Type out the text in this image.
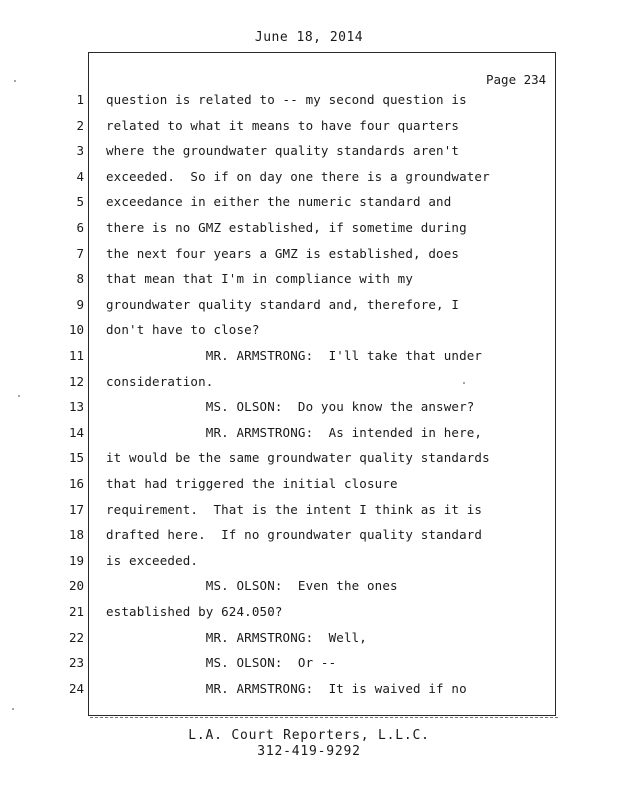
June 18, 2014
Page 234
1 question is related to -- my second question is
2 related to what it means to have four quarters
3 where the groundwater quality standards aren't
4 exceeded.  So if on day one there is a groundwater
5 exceedance in either the numeric standard and
6 there is no GMZ established, if sometime during
7 the next four years a GMZ is established, does
8 that mean that I'm in compliance with my
9 groundwater quality standard and, therefore, I
10 don't have to close?
11 MR. ARMSTRONG:  I'll take that under
12 consideration.
13 MS. OLSON:  Do you know the answer?
14 MR. ARMSTRONG:  As intended in here,
15 it would be the same groundwater quality standards
16 that had triggered the initial closure
17 requirement.  That is the intent I think as it is
18 drafted here.  If no groundwater quality standard
19 is exceeded.
20 MS. OLSON:  Even the ones
21 established by 624.050?
22 MR. ARMSTRONG:  Well,
23 MS. OLSON:  Or --
24 MR. ARMSTRONG:  It is waived if no
L.A. Court Reporters, L.L.C.
312-419-9292
